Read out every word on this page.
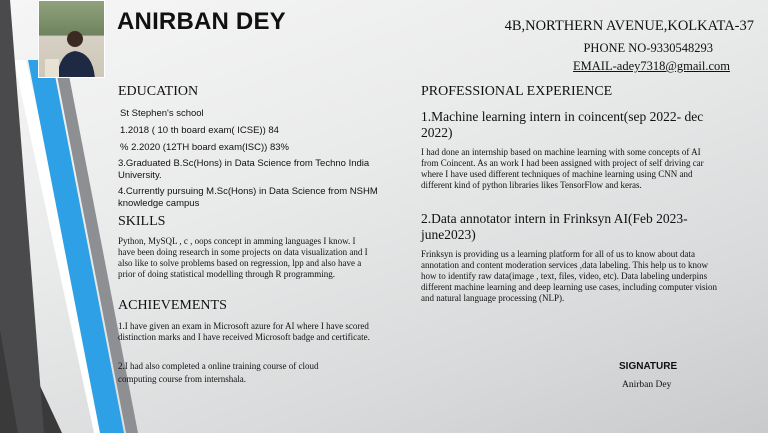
ANIRBAN DEY	4B,NORTHERN AVENUE,KOLKATA-37
PHONE NO-9330548293
EMAIL-adey7318@gmail.com
EDUCATION
St Stephen's school
1.2018 ( 10 th board exam( ICSE)) 84
% 2.2020 (12TH board exam(ISC)) 83%
3.Graduated B.Sc(Hons) in Data Science from Techno India University.
4.Currently pursuing M.Sc(Hons) in Data Science from NSHM knowledge campus
SKILLS
Python, MySQL , c , oops concept in amming languages I know. I have been doing research in some projects on data visualization and I also like to solve problems based on regression, lpp and also have a prior of doing statistical modelling through R programming.
ACHIEVEMENTS
1.I have given an exam in Microsoft azure for AI where I have scored distinction marks and I have received Microsoft badge and certificate.
2.I had also completed a online training course of cloud computing course from internshala.
PROFESSIONAL EXPERIENCE
1.Machine learning intern in coincent(sep 2022- dec 2022)
I had done an internship based on machine learning with some concepts of AI from Coincent. As an work I had been assigned with project of self driving car where I have used different techniques of machine learning using CNN and different kind of python libraries likes TensorFlow and keras.
2.Data annotator intern in Frinksyn AI(Feb 2023-june2023)
Frinksyn is providing us a learning platform for all of us to know about data annotation and content moderation services ,data labeling. This help us to know how to identify raw data(image , text, files, video, etc). Data labeling underpins different machine learning and deep learning use cases, including computer vision and natural language processing (NLP).
SIGNATURE
Anirban Dey
